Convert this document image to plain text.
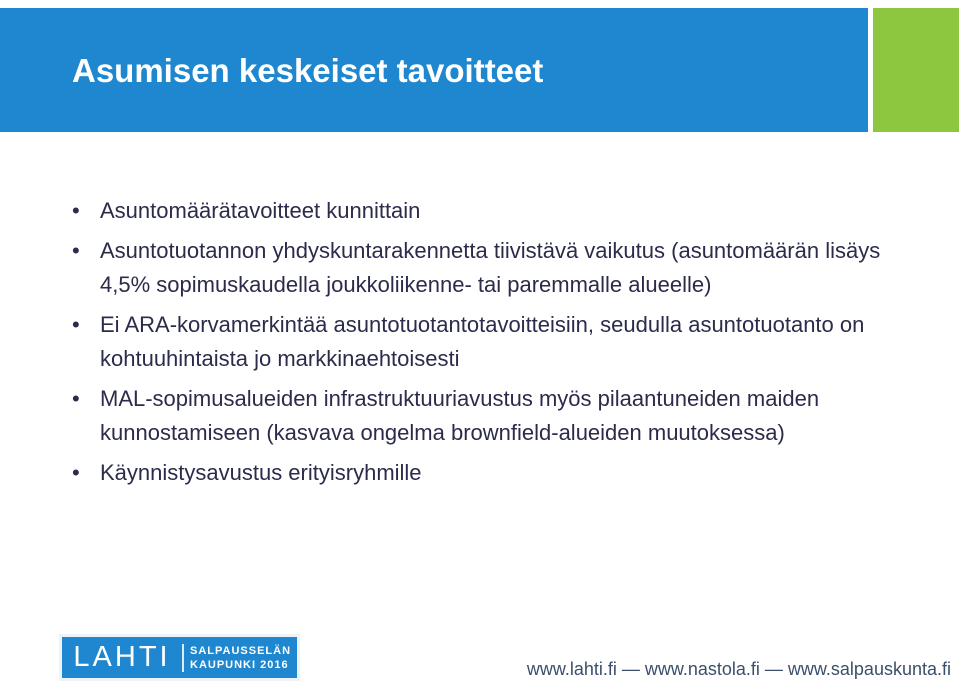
Asumisen keskeiset tavoitteet
• Asuntomäärätavoitteet kunnittain
• Asuntotuotannon yhdyskuntarakennetta tiivistävä vaikutus (asuntomäärän lisäys 4,5% sopimuskaudella joukkoliikenne- tai paremmalle alueelle)
• Ei ARA-korvamerkintää asuntotuotantotavoitteisiin, seudulla asuntotuotanto on kohtuuhintaista jo markkinaehtoisesti
• MAL-sopimusalueiden infrastruktuuriavustus myös pilaantuneiden maiden kunnostamiseen (kasvava ongelma brownfield-alueiden muutoksessa)
• Käynnistysavustus erityisryhmille
LAHTI	SALPAUSSELÄN
KAUPUNKI 2016	www.lahti.fi — www.nastola.fi — www.salpauskunta.fi
